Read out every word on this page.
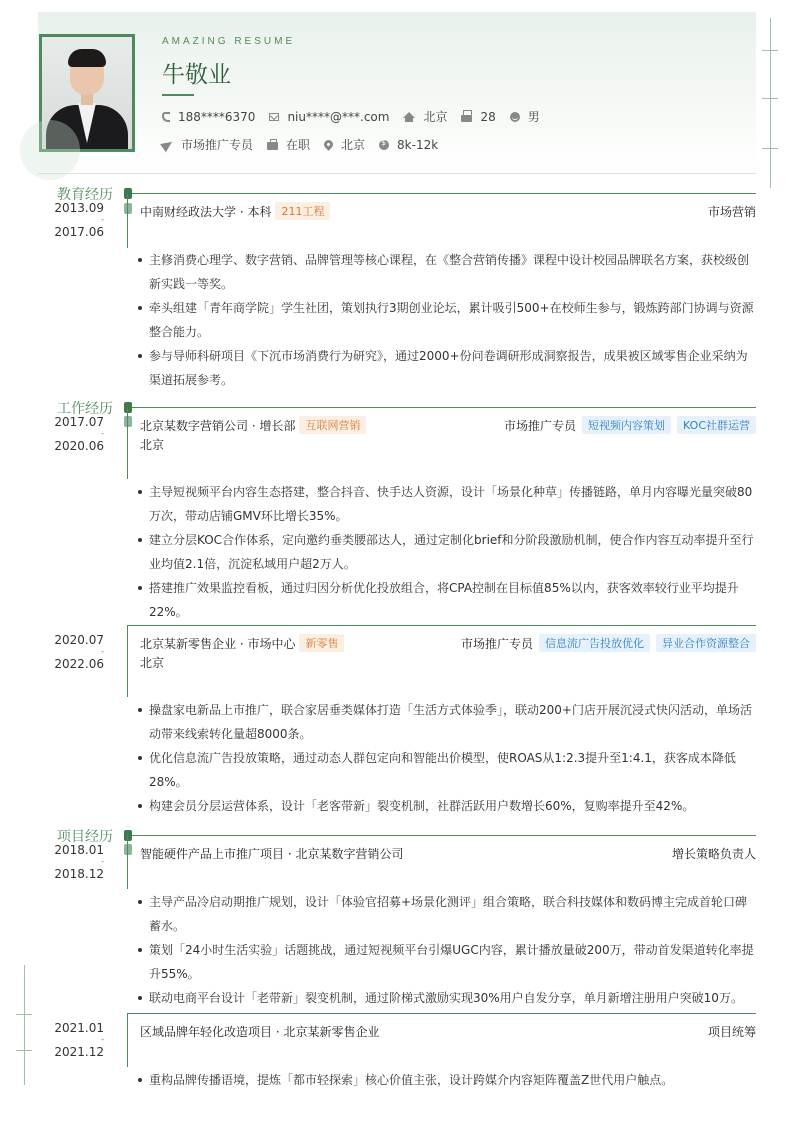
AMAZING RESUME
牛敬业
188****6370	niu****@***.com	北京	28	男
市场推广专员	在职	北京
$	8k-12k
教育经历
2013.09
-
2017.06
中南财经政法大学 · 本科 211工程	市场营销
主修消费心理学、数字营销、品牌管理等核心课程，在《整合营销传播》课程中设计校园品牌联名方案，获校级创新实践一等奖。
牵头组建「青年商学院」学生社团，策划执行3期创业论坛，累计吸引500+在校师生参与，锻炼跨部门协调与资源整合能力。
参与导师科研项目《下沉市场消费行为研究》，通过2000+份问卷调研形成洞察报告，成果被区域零售企业采纳为渠道拓展参考。
工作经历
2017.07
-
2020.06
北京某数字营销公司 · 增长部 互联网营销	市场推广专员	短视频内容策划	KOC社群运营
北京
主导短视频平台内容生态搭建，整合抖音、快手达人资源，设计「场景化种草」传播链路，单月内容曝光量突破80万次，带动店铺GMV环比增长35%。
建立分层KOC合作体系，定向邀约垂类腰部达人，通过定制化brief和分阶段激励机制，使合作内容互动率提升至行业均值2.1倍，沉淀私域用户超2万人。
搭建推广效果监控看板，通过归因分析优化投放组合，将CPA控制在目标值85%以内，获客效率较行业平均提升22%。
2020.07
-
2022.06
北京某新零售企业 · 市场中心 新零售	市场推广专员	信息流广告投放优化	异业合作资源整合
北京
操盘家电新品上市推广，联合家居垂类媒体打造「生活方式体验季」，联动200+门店开展沉浸式快闪活动，单场活动带来线索转化量超8000条。
优化信息流广告投放策略，通过动态人群包定向和智能出价模型，使ROAS从1:2.3提升至1:4.1，获客成本降低28%。
构建会员分层运营体系，设计「老客带新」裂变机制，社群活跃用户数增长60%，复购率提升至42%。
项目经历
2018.01
-
2018.12
智能硬件产品上市推广项目 · 北京某数字营销公司	增长策略负责人
主导产品冷启动期推广规划，设计「体验官招募+场景化测评」组合策略，联合科技媒体和数码博主完成首轮口碑蓄水。
策划「24小时生活实验」话题挑战，通过短视频平台引爆UGC内容，累计播放量破200万，带动首发渠道转化率提升55%。
联动电商平台设计「老带新」裂变机制，通过阶梯式激励实现30%用户自发分享，单月新增注册用户突破10万。
2021.01
-
2021.12
区域品牌年轻化改造项目 · 北京某新零售企业	项目统筹
重构品牌传播语境，提炼「都市轻探索」核心价值主张，设计跨媒介内容矩阵覆盖Z世代用户触点。
